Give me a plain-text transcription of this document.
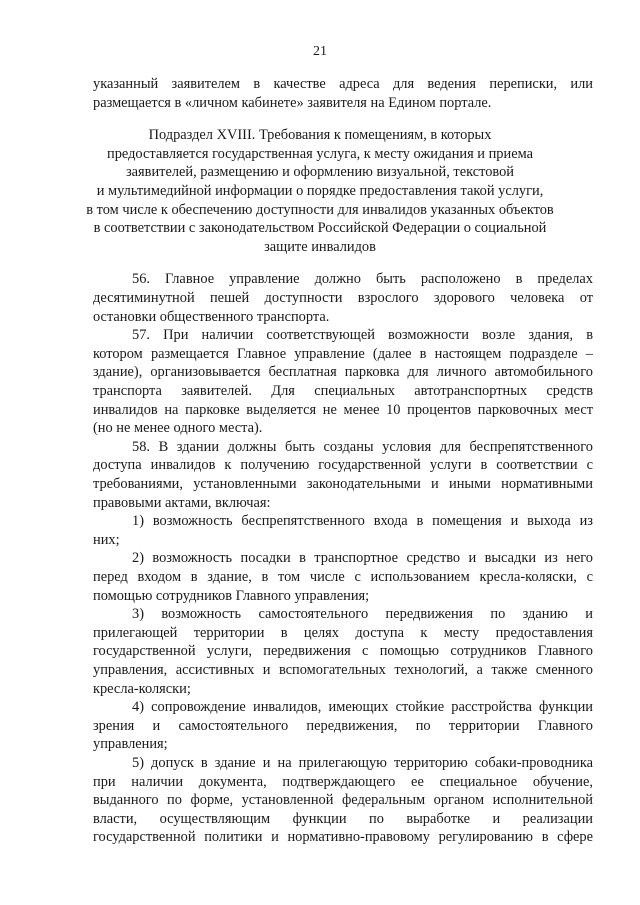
21
указанный заявителем в качестве адреса для ведения переписки, или
размещается в «личном кабинете» заявителя на Едином портале.
Подраздел XVIII. Требования к помещениям, в которых
предоставляется государственная услуга, к месту ожидания и приема
заявителей, размещению и оформлению визуальной, текстовой
и мультимедийной информации о порядке предоставления такой услуги,
в том числе к обеспечению доступности для инвалидов указанных объектов
в соответствии с законодательством Российской Федерации о социальной
защите инвалидов
56. Главное управление должно быть расположено в пределах
десятиминутной пешей доступности взрослого здорового человека от
остановки общественного транспорта.
57. При наличии соответствующей возможности возле здания, в
котором размещается Главное управление (далее в настоящем подразделе –
здание), организовывается бесплатная парковка для личного автомобильного
транспорта заявителей. Для специальных автотранспортных средств
инвалидов на парковке выделяется не менее 10 процентов парковочных мест
(но не менее одного места).
58. В здании должны быть созданы условия для беспрепятственного
доступа инвалидов к получению государственной услуги в соответствии с
требованиями, установленными законодательными и иными нормативными
правовыми актами, включая:
1) возможность беспрепятственного входа в помещения и выхода из
них;
2) возможность посадки в транспортное средство и высадки из него
перед входом в здание, в том числе с использованием кресла-коляски, с
помощью сотрудников Главного управления;
3) возможность самостоятельного передвижения по зданию и
прилегающей территории в целях доступа к месту предоставления
государственной услуги, передвижения с помощью сотрудников Главного
управления, ассистивных и вспомогательных технологий, а также сменного
кресла-коляски;
4) сопровождение инвалидов, имеющих стойкие расстройства функции
зрения и самостоятельного передвижения, по территории Главного
управления;
5) допуск в здание и на прилегающую территорию собаки-проводника
при наличии документа, подтверждающего ее специальное обучение,
выданного по форме, установленной федеральным органом исполнительной
власти, осуществляющим функции по выработке и реализации
государственной политики и нормативно-правовому регулированию в сфере
